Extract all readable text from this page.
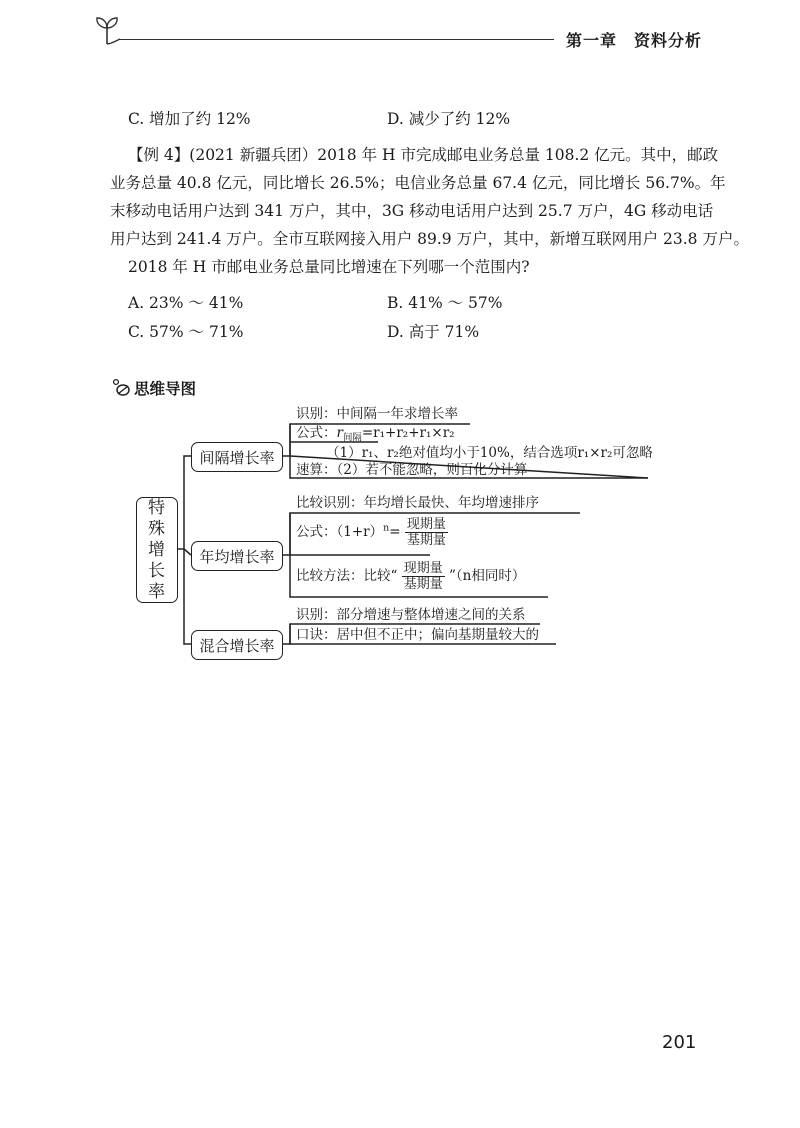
第一章　资料分析
C. 增加了约 12%	D. 减少了约 12%
【例 4】(2021 新疆兵团）2018 年 H 市完成邮电业务总量 108.2 亿元。其中，邮政
业务总量 40.8 亿元，同比增长 26.5%；电信业务总量 67.4 亿元，同比增长 56.7%。年
末移动电话用户达到 341 万户，其中，3G 移动电话用户达到 25.7 万户，4G 移动电话
用户达到 241.4 万户。全市互联网接入用户 89.9 万户，其中，新增互联网用户 23.8 万户。
2018 年 H 市邮电业务总量同比增速在下列哪一个范围内?
A. 23% ～ 41%	B. 41% ～ 57%
C. 57% ～ 71%	D. 高于 71%
思维导图
特
殊
增
长
率
间隔增长率
年均增长率
混合增长率
识别：中间隔一年求增长率
公式：$r_{间隔}=r_1+r_2+r_1\times r_2$
（1）r₁、r₂绝对值均小于10%，结合选项r₁×r₂可忽略
速算：（2）若不能忽略，则百化分计算
比较识别：年均增长最快、年均增速排序
公式：$(1+r)^n= \frac{\text{现期量}}{\text{基期量}}$
比较方法：比较“ $\frac{\text{现期量}}{\text{基期量}}$ ”（n相同时）
识别：部分增速与整体增速之间的关系
口诀：居中但不正中；偏向基期量较大的
201
